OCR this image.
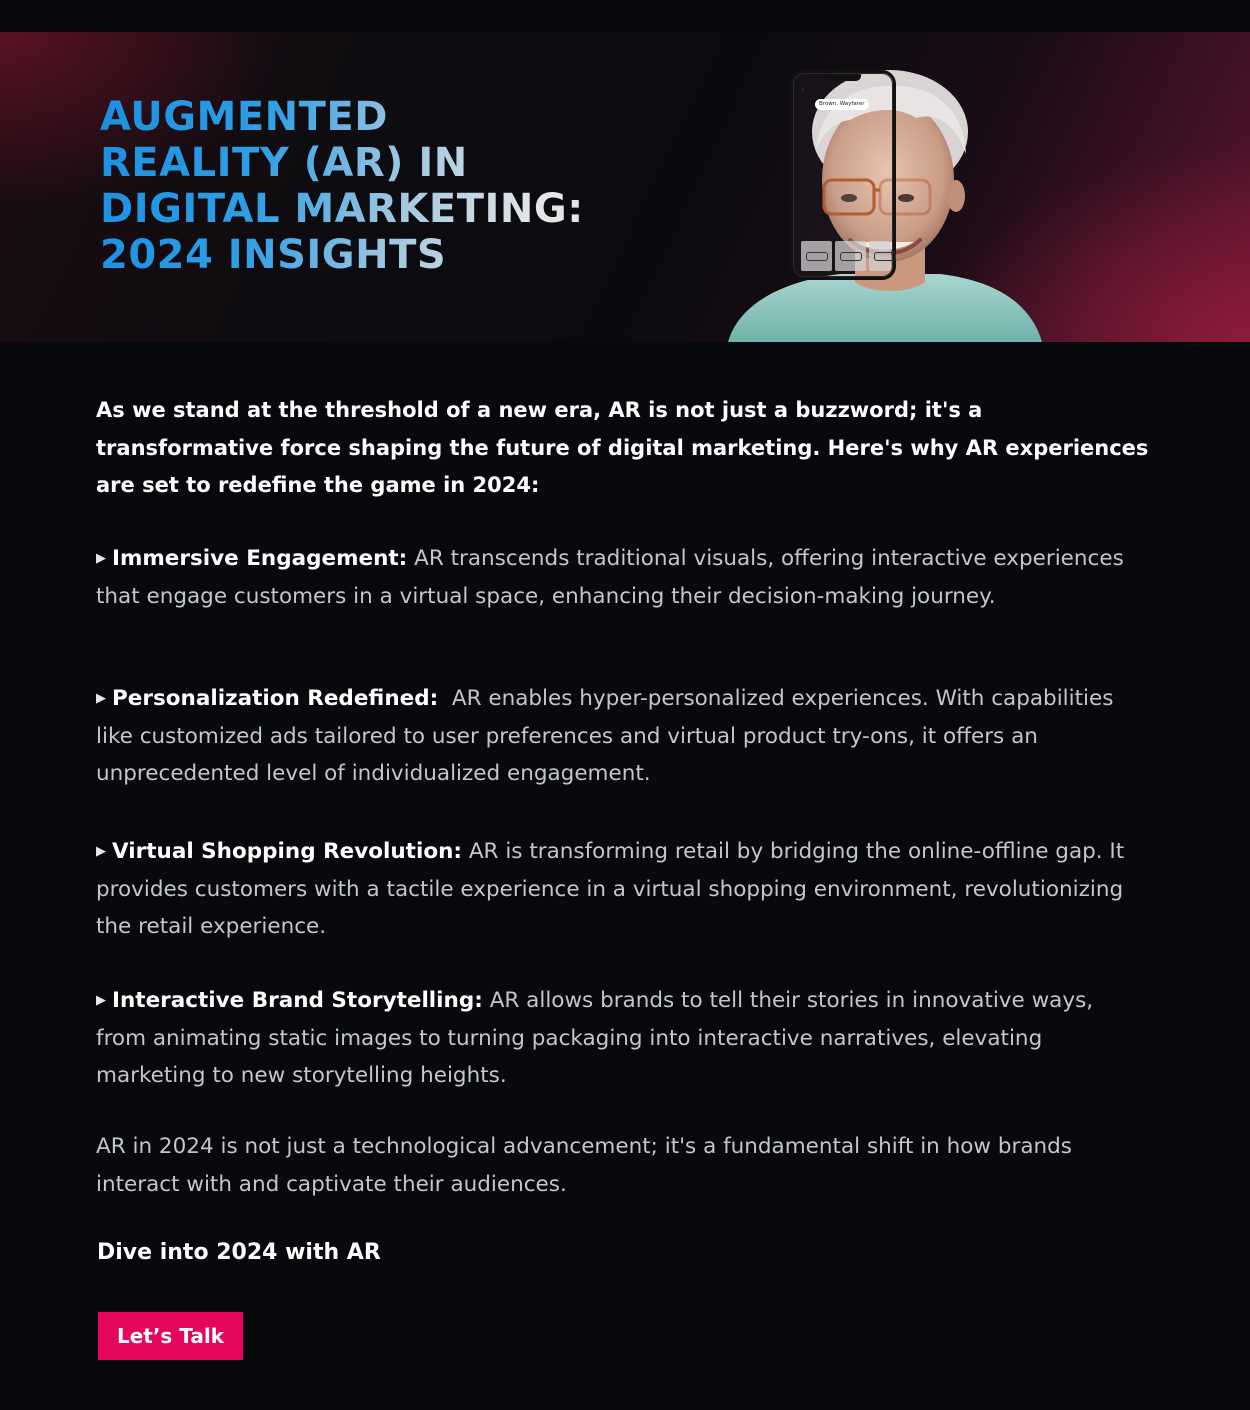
AUGMENTED
REALITY (AR) IN
DIGITAL MARKETING:
2024 INSIGHTS
‹
Brown, Wayfarer

As we stand at the threshold of a new era, AR is not just a buzzword; it's a transformative force shaping the future of digital marketing. Here's why AR experiences are set to redefine the game in 2024:

▶ Immersive Engagement: AR transcends traditional visuals, offering interactive experiences that engage customers in a virtual space, enhancing their decision-making journey.

▶ Personalization Redefined: AR enables hyper-personalized experiences. With capabilities like customized ads tailored to user preferences and virtual product try-ons, it offers an unprecedented level of individualized engagement.

▶ Virtual Shopping Revolution: AR is transforming retail by bridging the online-offline gap. It provides customers with a tactile experience in a virtual shopping environment, revolutionizing the retail experience.

▶ Interactive Brand Storytelling: AR allows brands to tell their stories in innovative ways, from animating static images to turning packaging into interactive narratives, elevating marketing to new storytelling heights.

AR in 2024 is not just a technological advancement; it's a fundamental shift in how brands interact with and captivate their audiences.

Dive into 2024 with AR

Let’s Talk
